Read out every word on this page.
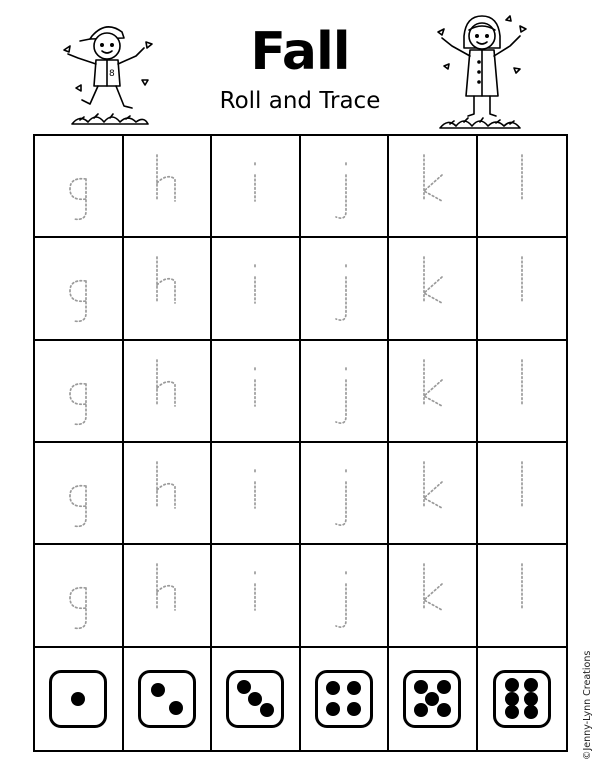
Fall
Roll and Trace
8
©Jenny-Lynn Creations
